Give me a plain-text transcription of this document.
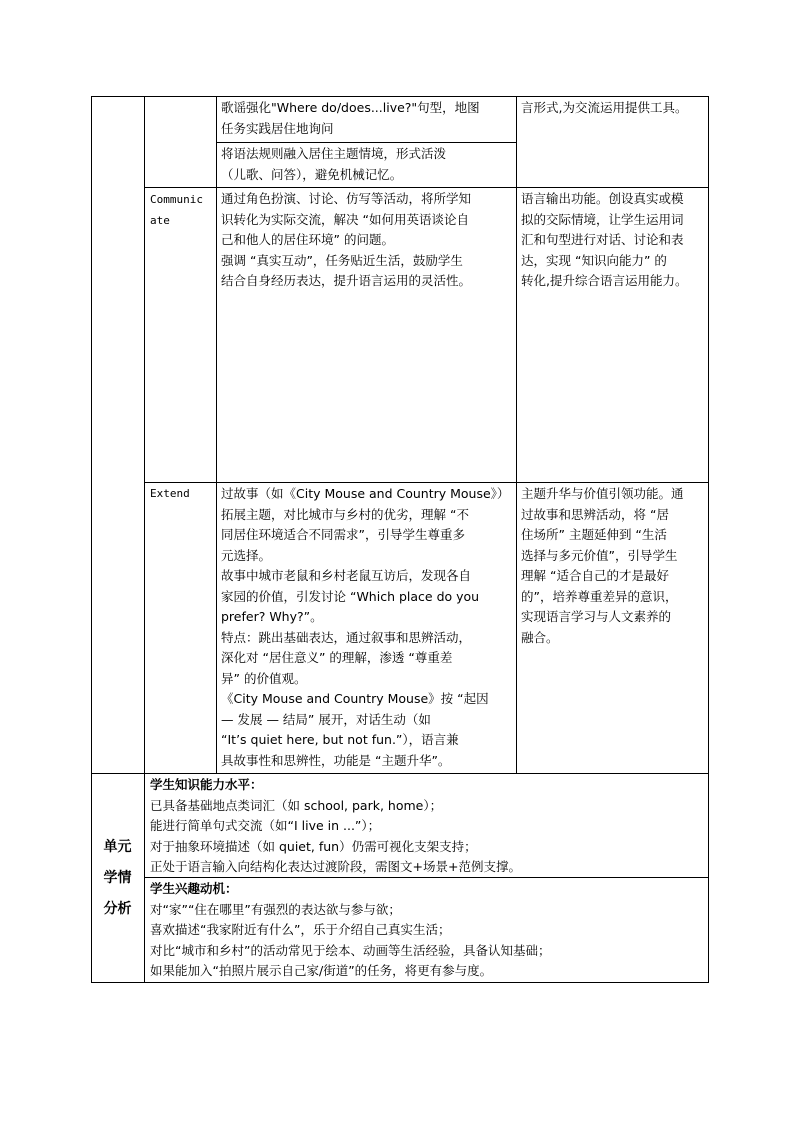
歌谣强化"Where do/does...live?"句型，地图

任务实践居住地询问

将语法规则融入居住主题情境，形式活泼

（儿歌、问答），避免机械记忆。

言形式,为交流运用提供工具。

Communic

ate

通过角色扮演、讨论、仿写等活动，将所学知

识转化为实际交流，解决 “如何用英语谈论自

己和他人的居住环境” 的问题。

强调 “真实互动”，任务贴近生活，鼓励学生

结合自身经历表达，提升语言运用的灵活性。

语言输出功能。创设真实或模

拟的交际情境，让学生运用词

汇和句型进行对话、讨论和表

达，实现 “知识向能力” 的

转化,提升综合语言运用能力。

Extend	过故事（如《City Mouse and Country Mouse》）

拓展主题，对比城市与乡村的优劣，理解 “不

同居住环境适合不同需求”，引导学生尊重多

元选择。

故事中城市老鼠和乡村老鼠互访后，发现各自

家园的价值，引发讨论 “Which place do you

prefer? Why?”。

特点：跳出基础表达，通过叙事和思辨活动，

深化对 “居住意义” 的理解，渗透 “尊重差

异” 的价值观。

《City Mouse and Country Mouse》按 “起因

— 发展 — 结局” 展开，对话生动（如

“It’s quiet here, but not fun.”），语言兼

具故事性和思辨性，功能是 “主题升华”。

主题升华与价值引领功能。通

过故事和思辨活动，将 “居

住场所” 主题延伸到 “生活

选择与多元价值”，引导学生

理解 “适合自己的才是最好

的”，培养尊重差异的意识，

实现语言学习与人文素养的

融合。

单元

学情

分析

学生知识能力水平：

已具备基础地点类词汇（如 school, park, home）；

能进行简单句式交流（如“I live in ...”）；

对于抽象环境描述（如 quiet, fun）仍需可视化支架支持；

正处于语言输入向结构化表达过渡阶段，需图文+场景+范例支撑。

学生兴趣动机：

对“家”“住在哪里”有强烈的表达欲与参与欲；

喜欢描述“我家附近有什么”，乐于介绍自己真实生活；

对比“城市和乡村”的活动常见于绘本、动画等生活经验，具备认知基础；

如果能加入“拍照片展示自己家/街道”的任务，将更有参与度。
